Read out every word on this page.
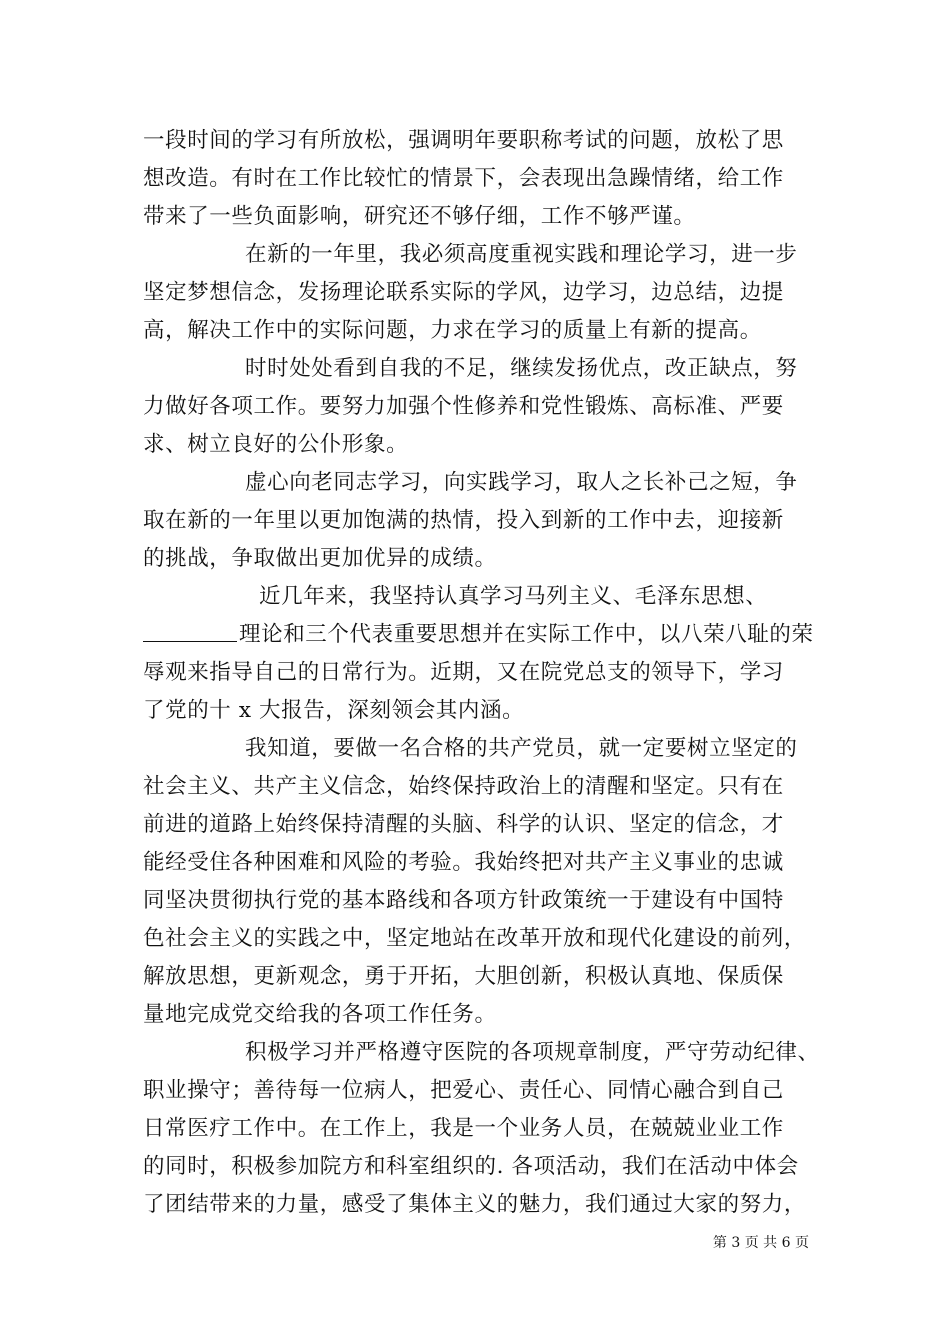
一段时间的学习有所放松，强调明年要职称考试的问题，放松了思
想改造。有时在工作比较忙的情景下，会表现出急躁情绪，给工作
带来了一些负面影响，研究还不够仔细，工作不够严谨。
在新的一年里，我必须高度重视实践和理论学习，进一步
坚定梦想信念，发扬理论联系实际的学风，边学习，边总结，边提
高，解决工作中的实际问题，力求在学习的质量上有新的提高。
时时处处看到自我的不足，继续发扬优点，改正缺点，努
力做好各项工作。要努力加强个性修养和党性锻炼、高标准、严要
求、树立良好的公仆形象。
虚心向老同志学习，向实践学习，取人之长补己之短，争
取在新的一年里以更加饱满的热情，投入到新的工作中去，迎接新
的挑战，争取做出更加优异的成绩。
近几年来，我坚持认真学习马列主义、毛泽东思想、
理论和三个代表重要思想并在实际工作中，以八荣八耻的荣
辱观来指导自己的日常行为。近期，又在院党总支的领导下，学习
了党的十 x 大报告，深刻领会其内涵。
我知道，要做一名合格的共产党员，就一定要树立坚定的
社会主义、共产主义信念，始终保持政治上的清醒和坚定。只有在
前进的道路上始终保持清醒的头脑、科学的认识、坚定的信念，才
能经受住各种困难和风险的考验。我始终把对共产主义事业的忠诚
同坚决贯彻执行党的基本路线和各项方针政策统一于建设有中国特
色社会主义的实践之中，坚定地站在改革开放和现代化建设的前列，
解放思想，更新观念，勇于开拓，大胆创新，积极认真地、保质保
量地完成党交给我的各项工作任务。
积极学习并严格遵守医院的各项规章制度，严守劳动纪律、
职业操守；善待每一位病人，把爱心、责任心、同情心融合到自己
日常医疗工作中。在工作上，我是一个业务人员，在兢兢业业工作
的同时，积极参加院方和科室组织的. 各项活动，我们在活动中体会
了团结带来的力量，感受了集体主义的魅力，我们通过大家的努力，
第 3 页 共 6 页
